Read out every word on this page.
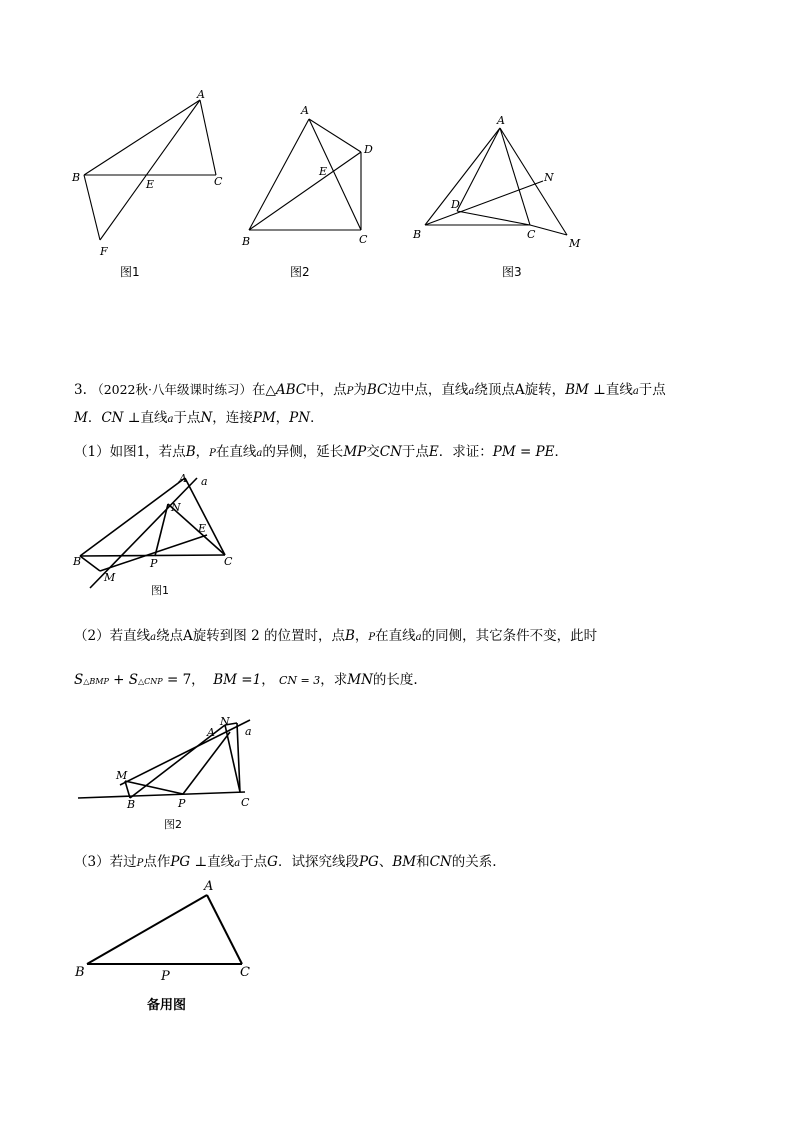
A
B
E	C
F
图1
A
E
D
B	C
图2
A
N
D
B	C
M
图3
3. （2022秋·八年级课时练习）在△ABC中，点P为BC边中点，直线a绕顶点A旋转，BM ⊥直线a于点
M．CN ⊥直线a于点N，连接PM，PN．
（1）如图1，若点B，P在直线a的异侧，延长MP交CN于点E．求证：PM = PE．
A a
N
E
B	P	C
M
图1
（2）若直线a绕点A旋转到图 2 的位置时，点B，P在直线a的同侧，其它条件不变，此时
S△BMP + S△CNP = 7， BM =1， CN = 3，求MN的长度.
N
A	a
M
B	P	C
图2
（3）若过P点作PG ⊥直线a于点G．试探究线段PG、BM和CN的关系.
A
B	P	C
备用图
